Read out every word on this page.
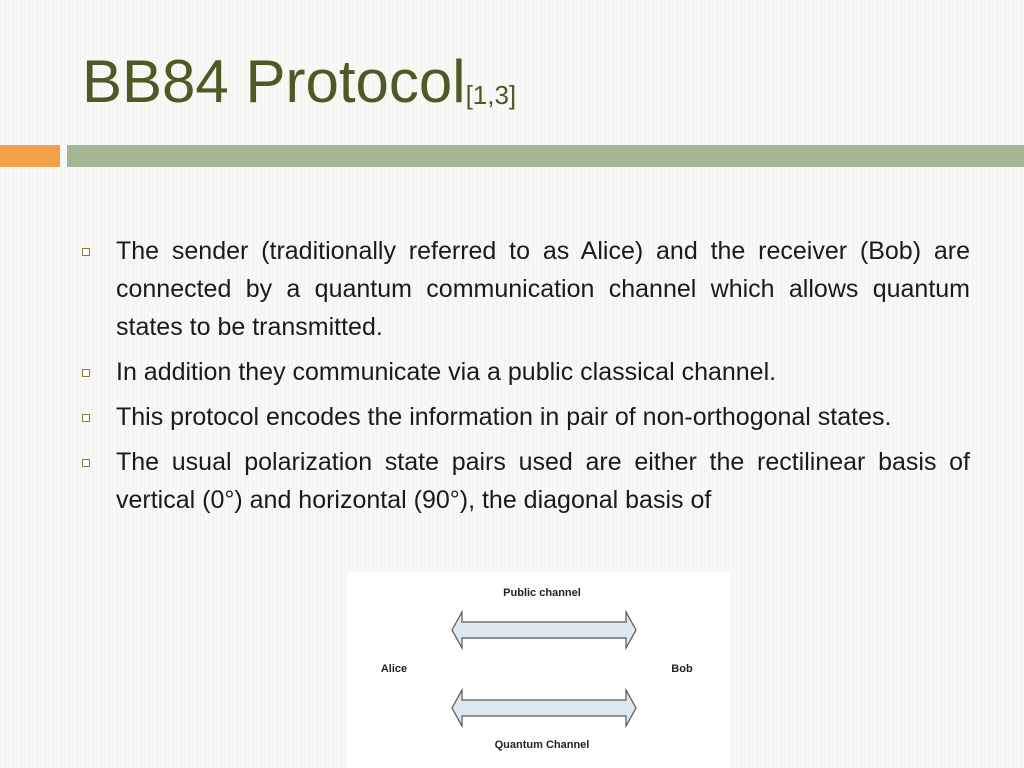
BB84 Protocol[1,3]
The sender (traditionally referred to as Alice) and the receiver (Bob) are connected by a quantum communication channel which allows quantum states to be transmitted.
In addition they communicate via a public classical channel.
This protocol encodes the information in pair of non-orthogonal states.
The usual polarization state pairs used are either the rectilinear basis of vertical (0°) and horizontal (90°), the diagonal basis of
Public channel
Alice	Bob
Quantum Channel
